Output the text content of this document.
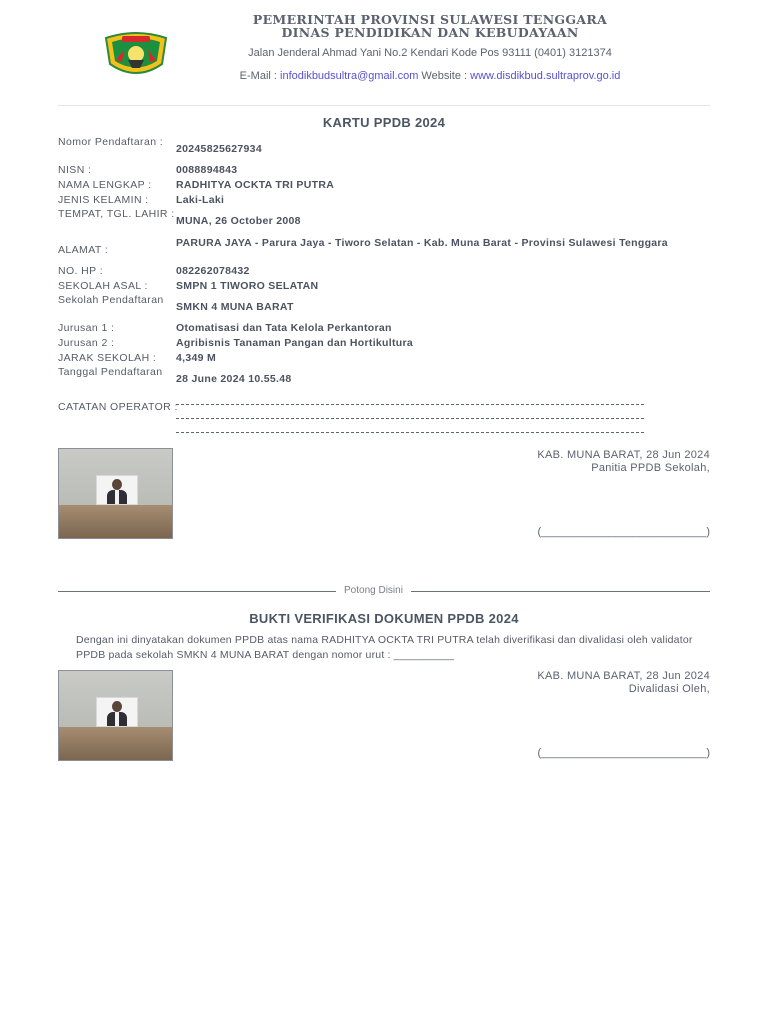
PEMERINTAH PROVINSI SULAWESI TENGGARA
DINAS PENDIDIKAN DAN KEBUDAYAAN
Jalan Jenderal Ahmad Yani No.2 Kendari Kode Pos 93111 (0401) 3121374
E-Mail : infodikbudsultra@gmail.com Website : www.disdikbud.sultraprov.go.id
KARTU PPDB 2024
Nomor Pendaftaran :
20245825627934
NISN :	0088894843
NAMA LENGKAP :	RADHITYA OCKTA TRI PUTRA
JENIS KELAMIN :	Laki-Laki
TEMPAT, TGL. LAHIR :
MUNA, 26 October 2008
ALAMAT :
PARURA JAYA - Parura Jaya - Tiworo Selatan - Kab. Muna Barat - Provinsi Sulawesi Tenggara
NO. HP :	082262078432
SEKOLAH ASAL :	SMPN 1 TIWORO SELATAN
Sekolah Pendaftaran
SMKN 4 MUNA BARAT
Jurusan 1 :	Otomatisasi dan Tata Kelola Perkantoran
Jurusan 2 :	Agribisnis Tanaman Pangan dan Hortikultura
JARAK SEKOLAH :	4,349 M
Tanggal Pendaftaran
28 June 2024 10.55.48
CATATAN OPERATOR :
KAB. MUNA BARAT, 28 Jun 2024
Panitia PPDB Sekolah,
(___________________________)
Potong Disini
BUKTI VERIFIKASI DOKUMEN PPDB 2024
Dengan ini dinyatakan dokumen PPDB atas nama RADHITYA OCKTA TRI PUTRA telah diverifikasi dan divalidasi oleh validator PPDB pada sekolah SMKN 4 MUNA BARAT dengan nomor urut : __________
KAB. MUNA BARAT, 28 Jun 2024
Divalidasi Oleh,
(___________________________)
